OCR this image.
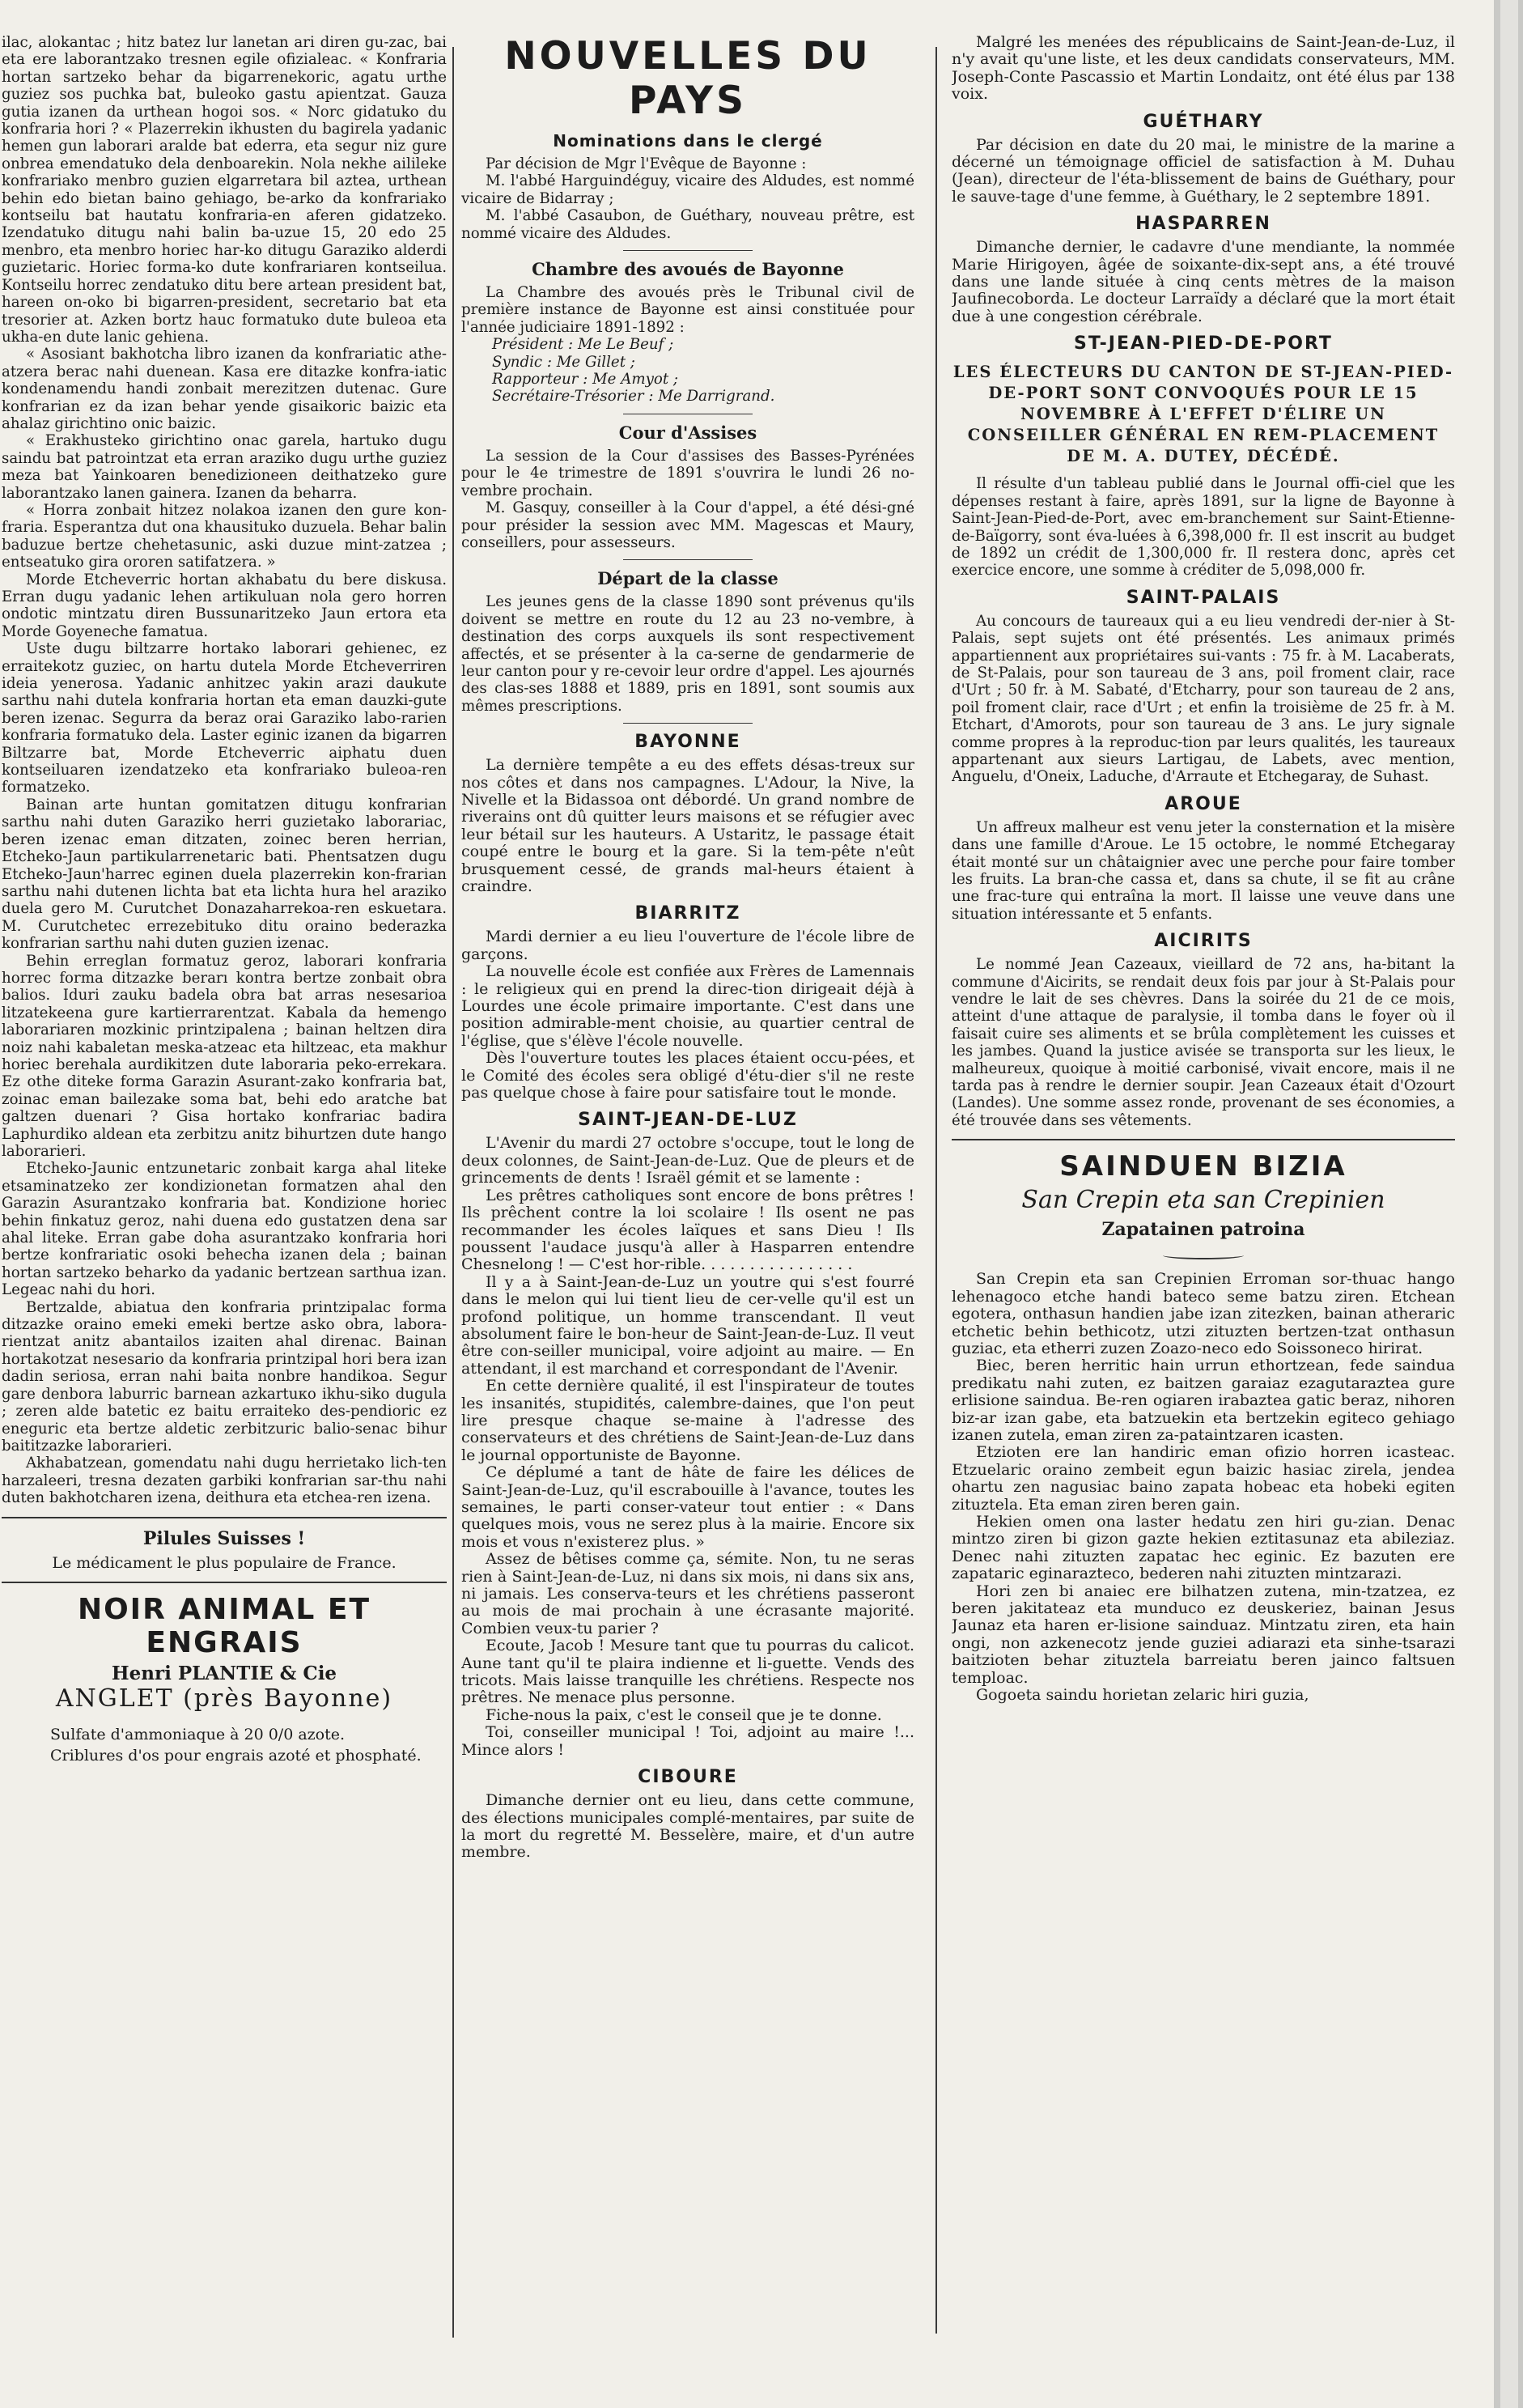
ilac, alokantac ; hitz batez lur lanetan ari diren gu-zac, bai eta ere laborantzako tresnen egile ofizialeac. « Konfraria hortan sartzeko behar da bigarrenekoric, agatu urthe guziez sos puchka bat, buleoko gastu apientzat. Gauza gutia izanen da urthean hogoi sos. « Norc gidatuko du konfraria hori ? « Plazerrekin ikhusten du bagirela yadanic hemen gun laborari araldе bat ederra, eta segur niz gure onbrea emendatuko dela denboarekin. Nola nekhe ailileke konfrariako menbro guzien elgarretara bil aztea, urthean behin edo bietan baino gehiago, be-arko da konfrariako kontseilu bat hautatu konfraria-en aferen gidatzeko. Izendatuko ditugu nahi balin ba-uzue 15, 20 edo 25 menbro, eta menbro horiec har-ko ditugu Garaziko alderdi guzietaric. Horiec forma-ko dute konfrariaren kontseilua. Kontseilu horrec zendatuko ditu bere artean president bat, hareen on-oko bi bigarren-president, secretario bat eta tresorier at. Azken bortz hauc formatuko dute buleoa eta ukha-en dute lanic gehiena.

« Asosiant bakhotcha libro izanen da konfrariatic athe-atzera berac nahi duenean. Kasa ere ditazke konfra-iatic kondenamendu handi zonbait merezitzen dutenac. Gure konfrarian ez da izan behar yende gisaikoric baizic eta ahalaz girichtino onic baizic.

« Erakhusteko girichtino onac garela, hartuko dugu saindu bat patrointzat eta erran araziko dugu urthe guziez meza bat Yainkoaren benedizioneen deithatzeko gure laborantzako lanen gainera. Izanen da beharra.

« Horra zonbait hitzez nolakoa izanen den gure kon-fraria. Esperantza dut ona khausituko duzuela. Behar balin baduzue bertze chehetasunic, aski duzue mint-zatzea ; entseatuko gira ororen satifatzera. »

Morde Etcheverric hortan akhabatu du bere diskusa. Erran dugu yadanic lehen artikuluan nola gero horren ondotic mintzatu diren Bussunaritzeko Jaun ertora eta Morde Goyeneche famatua.

Uste dugu biltzarre hortako laborari gehienec, ez erraitekotz guziec, on hartu dutela Morde Etcheverriren ideia yenerosa. Yadanic anhitzec yakin arazi daukute sarthu nahi dutela konfraria hortan eta eman dauzki-gute beren izenac. Segurra da beraz orai Garaziko labo-rarien konfraria formatuko dela. Laster eginic izanen da bigarren Biltzarre bat, Morde Etcheverric aiphatu duen kontseiluaren izendatzeko eta konfrariako buleoa-ren formatzeko.

Bainan arte huntan gomitatzen ditugu konfrarian sarthu nahi duten Garaziko herri guzietako laborariac, beren izenac eman ditzaten, zoinec beren herrian, Etcheko-Jaun partikularrenetaric bati. Phentsatzen dugu Etcheko-Jaun'harrec eginen duela plazerrekin kon-frarian sarthu nahi dutenen lichta bat eta lichta hura hel araziko duela gero M. Curutchet Donazaharrekoa-ren eskuetara. M. Curutchetec errezebituko ditu oraino bederazka konfrarian sarthu nahi duten guzien izenac.

Behin erreglan formatuz geroz, laborari konfraria horrec forma ditzazke berarı kontra bertze zonbait obra balios. Iduri zauku badela obra bat arras nesesarioa litzatekeena gure kartierrarentzat. Kabala da hemengo laborariaren mozkinic printzipalena ; bainan heltzen dira noiz nahi kabaletan meska-atzeac eta hiltzeac, eta makhur horiec berehala aurdikitzen dute laboraria peko-errekara. Ez othe ditеke forma Garazin Asurant-zako konfraria bat, zoinac eman bailezake soma bat, behi edo aratche bat galtzen duenari ? Gisa hortako konfrariac badira Laphurdiko aldean eta zerbitzu anitz bihurtzen dute hango laborarieri.

Etcheko-Jaunic entzunetaric zonbait karga ahal litеke etsaminatzeko zer kondizionetan formatzen ahal den Garazin Asurantzako konfraria bat. Kondizione horiec behin finkatuz geroz, nahi duena edo gustatzen dena sar ahal liteke. Erran gabe doha asurantzako konfraria hori bertze konfrariatic osoki behecha izanen dela ; bainan hortan sartzeko beharko da yadanic bertzean sarthua izan. Legeac nahi du hori.

Bertzalde, abiatua den konfraria printzipalac forma ditzazke oraino emeki emeki bertze asko obra, labora-rientzat anitz abantailos izaiten ahal direnac. Bainan hortakotzat nesesario da konfraria printzipal hori bera izan dadin seriosa, erran nahi baita nonbre handikoa. Segur gare denbora laburric barnean azkartuко ikhu-siko dugula ; zeren alde batetic ez baitu erraiteko des-pendioric ez eneguric eta bertze aldetic zerbitzuric balio-senac bihur baititzazke laborarieri.

Akhabatzean, gomendatu nahi dugu herrietako lich-ten harzaleeri, tresna dezaten garbiki konfrarian sar-thu nahi duten bakhotcharen izena, deithura eta etchea-ren izena.

Pilules Suisses !
Le médicament le plus populaire de France.
NOIR ANIMAL ET ENGRAIS
Henri PLANTIE & Cie
ANGLET (près Bayonne)
Sulfate d'ammoniaque à 20 0/0 azote.
Criblures d'os pour engrais azoté et phosphaté.
NOUVELLES DU PAYS
Nominations dans le clergé

Par décision de Mgr l'Evêque de Bayonne :

M. l'abbé Harguindéguy, vicaire des Aldudes, est nommé vicaire de Bidarray ;

M. l'abbé Casaubon, de Guéthary, nouveau prêtre, est nommé vicaire des Aldudes.

Chambre des avoués de Bayonne

La Chambre des avoués près le Tribunal civil de première instance de Bayonne est ainsi constituée pour l'année judiciaire 1891-1892 :

Président : Me Le Beuf ;
Syndic : Me Gillet ;
Rapporteur : Me Amyot ;
Secrétaire-Trésorier : Me Darrigrand.
Cour d'Assises

La session de la Cour d'assises des Basses-Pyrénées pour le 4e trimestre de 1891 s'ouvrira le lundi 26 no-vembre prochain.

M. Gasquy, conseiller à la Cour d'appel, a été dési-gné pour présider la session avec MM. Magescas et Maury, conseillers, pour assesseurs.

Départ de la classe

Les jeunes gens de la classe 1890 sont prévenus qu'ils doivent se mettre en route du 12 au 23 no-vembre, à destination des corps auxquels ils sont respectivement affectés, et se présenter à la ca-serne de gendarmerie de leur canton pour y re-cevoir leur ordre d'appel. Les ajournés des clas-ses 1888 et 1889, pris en 1891, sont soumis aux mêmes prescriptions.

BAYONNE

La dernière tempête a eu des effets désas-treux sur nos côtes et dans nos campagnes. L'Adour, la Nive, la Nivelle et la Bidassoa ont débordé. Un grand nombre de riverains ont dû quitter leurs maisons et se réfugier avec leur bétail sur les hauteurs. A Ustaritz, le passage était coupé entre le bourg et la gare. Si la tem-pête n'eût brusquement cessé, de grands mal-heurs étaient à craindre.

BIARRITZ

Mardi dernier a eu lieu l'ouverture de l'école libre de garçons.

La nouvelle école est confiée aux Frères de Lamennais : le religieux qui en prend la direc-tion dirigeait déjà à Lourdes une école primaire importante. C'est dans une position admirable-ment choisie, au quartier central de l'église, que s'élève l'école nouvelle.

Dès l'ouverture toutes les places étaient occu-pées, et le Comité des écoles sera obligé d'étu-dier s'il ne reste pas quelque chose à faire pour satisfaire tout le monde.

SAINT-JEAN-DE-LUZ

L'Avenir du mardi 27 octobre s'occupe, tout le long de deux colonnes, de Saint-Jean-de-Luz. Que de pleurs et de grincements de dents ! Israël gémit et se lamente :

Les prêtres catholiques sont encore de bons prêtres ! Ils prêchent contre la loi scolaire ! Ils osent ne pas recommander les écoles laïques et sans Dieu ! Ils poussent l'audace jusqu'à aller à Hasparren entendre Chesnelong ! — C'est hor-rible. . . . . . . . . . . . . . . .

Il y a à Saint-Jean-de-Luz un youtre qui s'est fourré dans le melon qui lui tient lieu de cer-velle qu'il est un profond politique, un homme transcendant. Il veut absolument faire le bon-heur de Saint-Jean-de-Luz. Il veut être con-seiller municipal, voire adjoint au maire. — En attendant, il est marchand et correspondant de l'Avenir.

En cette dernière qualité, il est l'inspirateur de toutes les insanités, stupidités, calembre-daines, que l'on peut lire presque chaque se-maine à l'adresse des conservateurs et des chrétiens de Saint-Jean-de-Luz dans le journal opportuniste de Bayonne.

Ce déplumé a tant de hâte de faire les délices de Saint-Jean-de-Luz, qu'il escrabouille à l'avance, toutes les semaines, le parti conser-vateur tout entier : « Dans quelques mois, vous ne serez plus à la mairie. Encore six mois et vous n'existerez plus. »

Assez de bêtises comme ça, sémite. Non, tu ne seras rien à Saint-Jean-de-Luz, ni dans six mois, ni dans six ans, ni jamais. Les conserva-teurs et les chrétiens passeront au mois de mai prochain à une écrasante majorité. Combien veux-tu parier ?

Ecoute, Jacob ! Mesure tant que tu pourras du calicot. Aune tant qu'il te plaira indienne et li-guette. Vends des tricots. Mais laisse tranquille les chrétiens. Respecte nos prêtres. Ne menace plus personne.

Fiche-nous la paix, c'est le conseil que je te donne.

Toi, conseiller municipal ! Toi, adjoint au maire !... Mince alors !

CIBOURE

Dimanche dernier ont eu lieu, dans cette commune, des élections municipales complé-mentaires, par suite de la mort du regretté M. Besselère, maire, et d'un autre membre.

Malgré les menées des républicains de Saint-Jean-de-Luz, il n'y avait qu'une liste, et les deux candidats conservateurs, MM. Joseph-Conte Pascassio et Martin Londaitz, ont été élus par 138 voix.

GUÉTHARY

Par décision en date du 20 mai, le ministre de la marine a décerné un témoignage officiel de satisfaction à M. Duhau (Jean), directeur de l'éta-blissement de bains de Guéthary, pour le sauve-tage d'une femme, à Guéthary, le 2 septembre 1891.

HASPARREN

Dimanche dernier, le cadavre d'une mendiante, la nommée Marie Hirigoyen, âgée de soixante-dix-sept ans, a été trouvé dans une lande située à cinq cents mètres de la maison Jaufinecoborda. Le docteur Larraïdy a déclaré que la mort était due à une congestion cérébrale.

ST-JEAN-PIED-DE-PORT
LES ÉLECTEURS DU CANTON DE ST-JEAN-PIED-DE-PORT SONT CONVOQUÉS POUR LE 15 NOVEMBRE À L'EFFET D'ÉLIRE UN CONSEILLER GÉNÉRAL EN REM-PLACEMENT DE M. A. DUTEY, DÉCÉDÉ.

Il résulte d'un tableau publié dans le Journal offi-ciel que les dépenses restant à faire, après 1891, sur la ligne de Bayonne à Saint-Jean-Pied-de-Port, avec em-branchement sur Saint-Etienne-de-Baïgorry, sont éva-luées à 6,398,000 fr. Il est inscrit au budget de 1892 un crédit de 1,300,000 fr. Il restera donc, après cet exercice encore, une somme à créditer de 5,098,000 fr.

SAINT-PALAIS

Au concours de taureaux qui a eu lieu vendredi der-nier à St-Palais, sept sujets ont été présentés. Les animaux primés appartiennent aux propriétaires sui-vants : 75 fr. à M. Lacaberats, de St-Palais, pour son taureau de 3 ans, poil froment clair, race d'Urt ; 50 fr. à M. Sabaté, d'Etcharry, pour son taureau de 2 ans, poil froment clair, race d'Urt ; et enfin la troisième de 25 fr. à M. Etchart, d'Amorots, pour son taureau de 3 ans. Le jury signale comme propres à la reproduc-tion par leurs qualités, les taureaux appartenant aux sieurs Lartigau, de Labets, avec mention, Anguelu, d'Oneix, Laduche, d'Arraute et Etchegaray, de Suhast.

AROUE

Un affreux malheur est venu jeter la consternation et la misère dans une famille d'Aroue. Le 15 octobre, le nommé Etchegaray était monté sur un châtaignier avec une perche pour faire tomber les fruits. La bran-che cassa et, dans sa chute, il se fit au crâne une frac-ture qui entraîna la mort. Il laisse une veuve dans une situation intéressante et 5 enfants.

AICIRITS

Le nommé Jean Cazeaux, vieillard de 72 ans, ha-bitant la commune d'Aicirits, se rendait deux fois par jour à St-Palais pour vendre le lait de ses chèvres. Dans la soirée du 21 de ce mois, atteint d'une attaque de paralysie, il tomba dans le foyer où il faisait cuire ses aliments et se brûla complètement les cuisses et les jambes. Quand la justice avisée se transporta sur les lieux, le malheureux, quoique à moitié carbonisé, vivait encore, mais il ne tarda pas à rendre le dernier soupir. Jean Cazeaux était d'Ozourt (Landes). Une somme assez ronde, provenant de ses économies, a été trouvée dans ses vêtements.

SAINDUEN BIZIA
San Crepin eta san Crepinien
Zapatainen patroina

San Crepin eta san Crepinien Erroman sor-thuac hango lehenagoco etche handi bateco seme batzu ziren. Etchean egotera, onthasun handien jabe izan zitezken, bainan atheraric etchetic behin bethicotz, utzi zituzten bertzen-tzat onthasun guziac, eta etherri zuzen Zoazo-neco edo Soissoneco hirirat.

Biec, beren herritic hain urrun ethortzean, fede saindua predikatu nahi zuten, ez baitzen garaiaz ezagutarazteа gure erlisione saindua. Be-ren ogiaren irabaztea gatic beraz, nihoren biz-ar izan gabe, eta batzuekin eta bertzekin egiteco gehiago izanen zutela, eman ziren za-pataintzaren icasten.

Etzioten ere lan handiric eman ofizio horren icasteac. Etzuelaric oraino zembeit egun baizic hasiac zirela, jendea ohartu zen nagusiac baino zapata hobeac eta hobeki egiten zituztela. Eta eman ziren beren gain.

Hekien omen ona laster hedatu zen hiri gu-zian. Denac mintzo ziren bi gizon gazte hekien eztitasunaz eta abileziaz. Denec nahi zituzten zapatac hec eginic. Ez bazuten ere zapataric eginarazteco, bederen nahi zituzten mintzarazi.

Hori zen bi anaiec ere bilhatzen zutena, min-tzatzea, ez beren jakitateaz eta munduco ez deuskeriez, bainan Jesus Jaunaz eta haren er-lisione sainduaz. Mintzatu ziren, eta hain ongi, non azkenecotz jende guziei adiarazi eta sinhe-tsarazi baitzioten behar zituztela barreiatu beren jainco faltsuen templоac.

Gogoeta saindu horietan zelaric hiri guzia,
